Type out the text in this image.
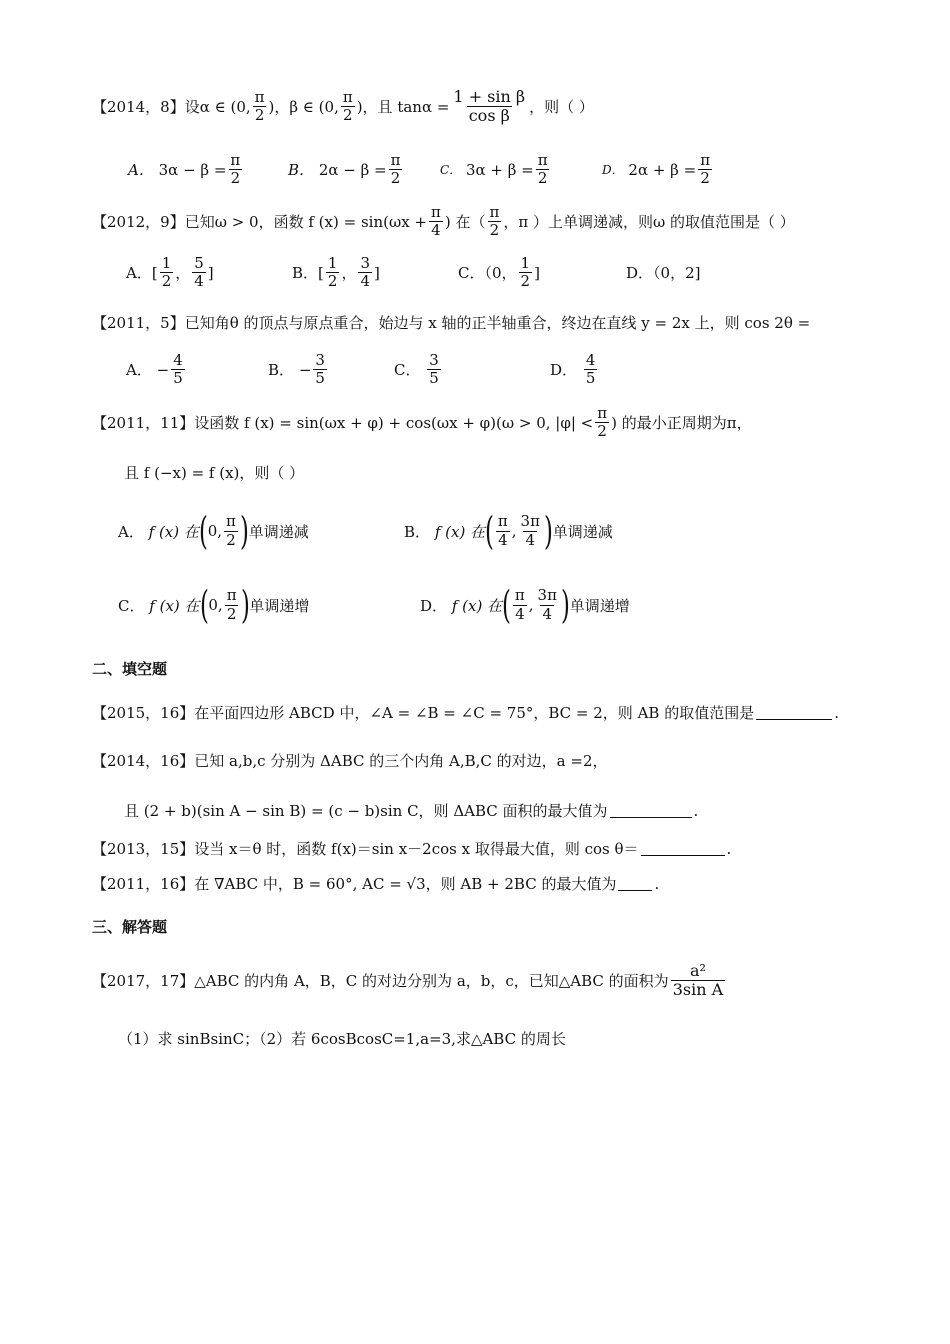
【2014，8】 设α ∈ (0, $\frac{\pi}{2}$ )，β ∈ (0, $\frac{\pi}{2}$ )，且 $\tan\alpha = \frac{\text{1 + sin β}}{\text{cos β}}$ ，则（ ）
A．
$3\alpha - \beta = \frac{\pi}{2}$	B．
$2\alpha - \beta = \frac{\pi}{2}$	C．
$3\alpha + \beta = \frac{\pi}{2}$	D．
$2\alpha + \beta = \frac{\pi}{2}$
【2012，9】 已知ω > 0，函数 f $(x) = \sin(\omega x + \frac{\pi}{4}$ ) 在（ $\frac{\pi}{2}$ ，π ）上单调递减，则ω 的取值范围是（ ）
A．[ $\frac{1}{2}$ ， $\frac{5}{4}$ ]	B．[ $\frac{1}{2}$ ， $\frac{3}{4}$ ]	C．（0， $\frac{1}{2}$ ]	D．（0，2]
【2011，5】 已知角θ 的顶点与原点重合，始边与 x 轴的正半轴重合，终边在直线 y = 2x 上，则 cos 2θ =
A．
− $\frac{4}{5}$	B．
− $\frac{3}{5}$	C．
$\frac{3}{5}$	D．
$\frac{4}{5}$
【2011，11】 设函数 f (x) = sin(ωx + φ) + cos(ωx + φ)(ω > 0, $|\varphi| < \frac{\pi}{2}$ ) 的最小正周期为π，
且 f (−x) = f (x)，则（ ）
A．
f (x) 在 ( 0 , $\frac{\pi}{2}$ ) 单调递减	B．
f (x) 在 ( $\frac{\pi}{4}$ , $\frac{3\pi}{4}$ ) 单调递减
C．
f (x) 在 ( 0 , $\frac{\pi}{2}$ ) 单调递增	D．
f (x) 在 ( $\frac{\pi}{4}$ , $\frac{3\pi}{4}$ ) 单调递增
二、填空题
【2015，16】 在平面四边形 ABCD 中，∠A = ∠B = ∠C = 75°，BC = 2，则 AB 的取值范围是	.
【2014，16】 已知 a,b,c 分别为 ΔABC 的三个内角 A,B,C 的对边，a =2，
且 (2 + b)(sin A − sin B) = (c − b)sin C，则 ΔABC 面积的最大值为	.
【2013，15】 设当 x＝θ 时，函数 f(x)＝sin x－2cos x 取得最大值，则 cos θ＝	.
【2011，16】 在 ∇ABC 中，B = 60°, AC = √3，则 AB + 2BC 的最大值为	.
三、解答题
【2017，17】 △ABC 的内角 A，B，C 的对边分别为 a，b，c，已知△ABC 的面积为 $\frac{\text{a²}}{\text{3sin A}}$
（1）求 sinBsinC；（2）若 6cosBcosC=1,a=3,求△ABC 的周长
